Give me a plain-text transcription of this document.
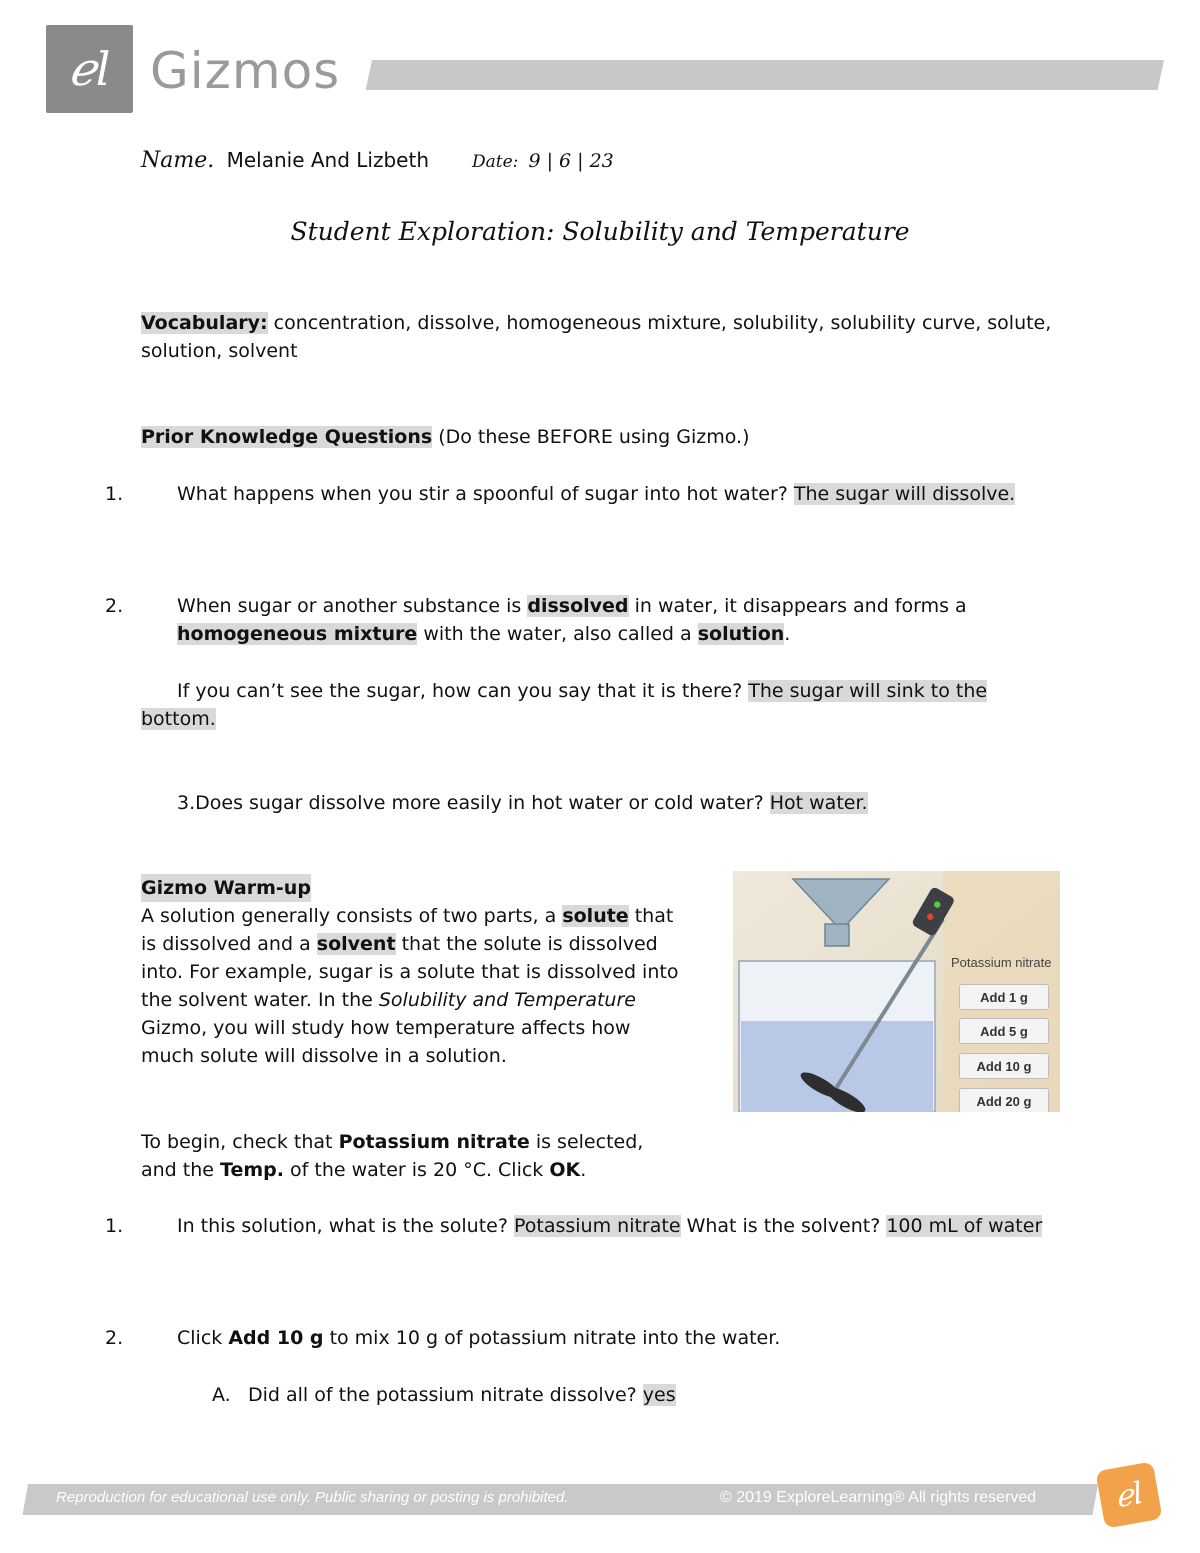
ℯl Gizmos
Name. Melanie And Lizbeth	Date: 9 | 6 | 23
Student Exploration: Solubility and Temperature
Vocabulary: concentration, dissolve, homogeneous mixture, solubility, solubility curve, solute, solution, solvent
Prior Knowledge Questions (Do these BEFORE using Gizmo.)
1.	What happens when you stir a spoonful of sugar into hot water? The sugar will dissolve.
2.	When sugar or another substance is dissolved in water, it disappears and forms a homogeneous mixture with the water, also called a solution.
If you can’t see the sugar, how can you say that it is there? The sugar will sink to the bottom.
3.Does sugar dissolve more easily in hot water or cold water? Hot water.
Gizmo Warm-up
A solution generally consists of two parts, a solute that is dissolved and a solvent that the solute is dissolved into. For example, sugar is a solute that is dissolved into the solvent water. In the Solubility and Temperature Gizmo, you will study how temperature affects how much solute will dissolve in a solution.
To begin, check that Potassium nitrate is selected, and the Temp. of the water is 20 °C. Click OK.
Potassium nitrate
Add 1 g
Add 5 g
Add 10 g
Add 20 g
1.	In this solution, what is the solute? Potassium nitrate What is the solvent? 100 mL of water
2.	Click Add 10 g to mix 10 g of potassium nitrate into the water.
A. Did all of the potassium nitrate dissolve? yes
Reproduction for educational use only. Public sharing or posting is prohibited.	© 2019 ExploreLearning® All rights reserved	ℯl
